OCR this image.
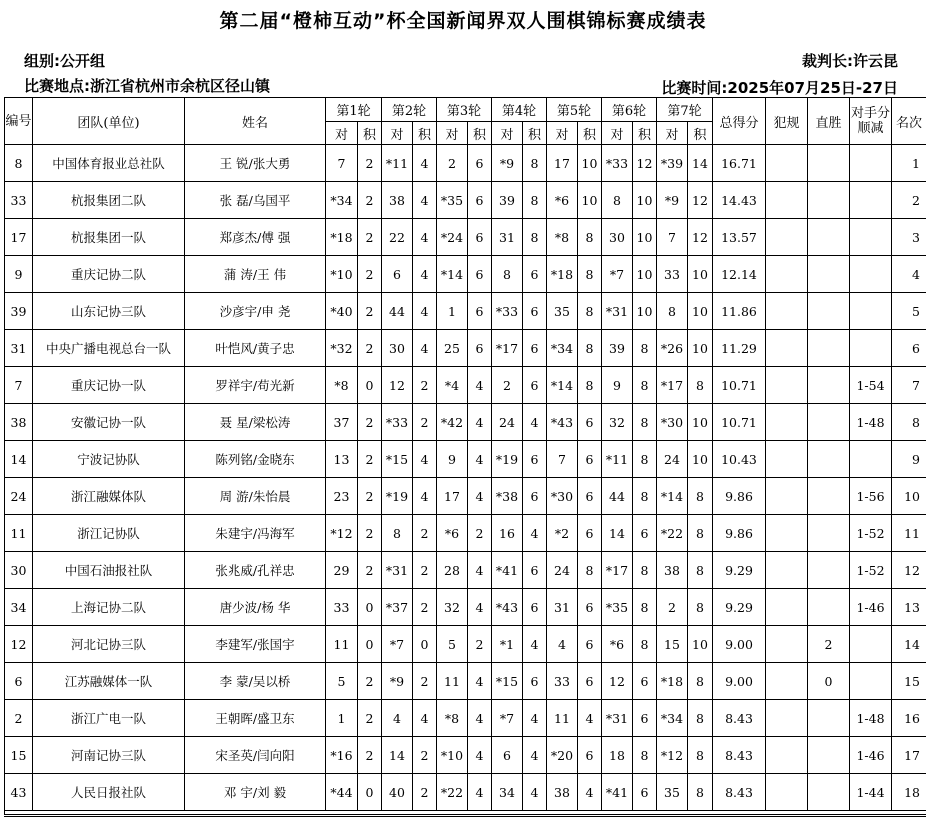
第二届“橙柿互动”杯全国新闻界双人围棋锦标赛成绩表
组别:公开组	裁判长:许云昆
比赛地点:浙江省杭州市余杭区径山镇	比赛时间:2025年07月25日-27日
编号	团队(单位)	姓名	第1轮		第2轮		第3轮		第4轮		第5轮		第6轮		第7轮		总得分	犯规	直胜	对手分顺减	名次
			对	积	对	积	对	积	对	积	对	积	对	积	对	积					
8	中国体育报业总社队	王 锐/张大勇	7	2	*11	4	2	6	*9	8	17	10	*33	12	*39	14	16.71				1
33	杭报集团二队	张 磊/乌国平	*34	2	38	4	*35	6	39	8	*6	10	8	10	*9	12	14.43				2
17	杭报集团一队	郑彦杰/傅 强	*18	2	22	4	*24	6	31	8	*8	8	30	10	7	12	13.57				3
9	重庆记协二队	蒲 涛/王 伟	*10	2	6	4	*14	6	8	6	*18	8	*7	10	33	10	12.14				4
39	山东记协三队	沙彦宇/申 尧	*40	2	44	4	1	6	*33	6	35	8	*31	10	8	10	11.86				5
31	中央广播电视总台一队	叶恺风/黄子忠	*32	2	30	4	25	6	*17	6	*34	8	39	8	*26	10	11.29				6
7	重庆记协一队	罗祥宇/苟光新	*8	0	12	2	*4	4	2	6	*14	8	9	8	*17	8	10.71			1-54	7
38	安徽记协一队	聂 星/梁松涛	37	2	*33	2	*42	4	24	4	*43	6	32	8	*30	10	10.71			1-48	8
14	宁波记协队	陈列铭/金晓东	13	2	*15	4	9	4	*19	6	7	6	*11	8	24	10	10.43				9
24	浙江融媒体队	周 游/朱怡晨	23	2	*19	4	17	4	*38	6	*30	6	44	8	*14	8	9.86			1-56	10
11	浙江记协队	朱建宇/冯海军	*12	2	8	2	*6	2	16	4	*2	6	14	6	*22	8	9.86			1-52	11
30	中国石油报社队	张兆威/孔祥忠	29	2	*31	2	28	4	*41	6	24	8	*17	8	38	8	9.29			1-52	12
34	上海记协二队	唐少波/杨 华	33	0	*37	2	32	4	*43	6	31	6	*35	8	2	8	9.29			1-46	13
12	河北记协三队	李建军/张国宇	11	0	*7	0	5	2	*1	4	4	6	*6	8	15	10	9.00		2		14
6	江苏融媒体一队	李 蒙/吴以桥	5	2	*9	2	11	4	*15	6	33	6	12	6	*18	8	9.00		0		15
2	浙江广电一队	王朝晖/盛卫东	1	2	4	4	*8	4	*7	4	11	4	*31	6	*34	8	8.43			1-48	16
15	河南记协三队	宋圣英/闫向阳	*16	2	14	2	*10	4	6	4	*20	6	18	8	*12	8	8.43			1-46	17
43	人民日报社队	邓 宇/刘 毅	*44	0	40	2	*22	4	34	4	38	4	*41	6	35	8	8.43			1-44	18
